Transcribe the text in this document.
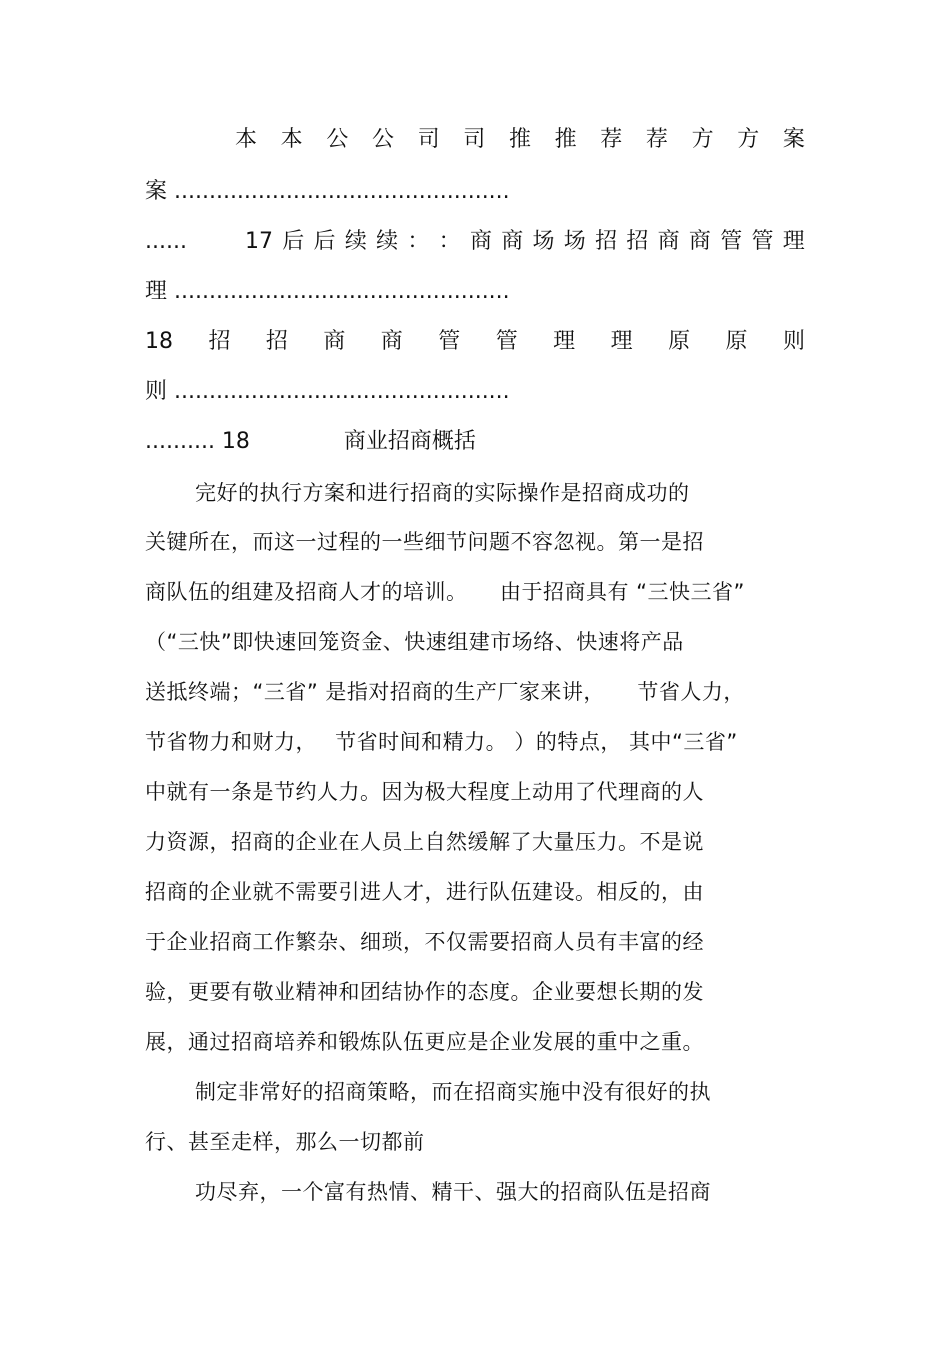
本 本 公 公 司 司 推 推 荐 荐 方 方 案
案 ................................................
......	17 后 后 续 续 ： ： 商 商 场 场 招 招 商 商 管 管 理
理 ................................................
18 招 招 商 商 管 管 理 理 原 原 则
则 ................................................
.......... 18	商业招商概括
完好的执行方案和进行招商的实际操作是招商成功的
关键所在，而这一过程的一些细节问题不容忽视。第一是招
商队伍的组建及招商人才的培训。　　由于招商具有 “三快三省”
（“三快”即快速回笼资金、快速组建市场络、快速将产品
送抵终端；“三省” 是指对招商的生产厂家来讲，　　节省人力，
节省物力和财力，　 节省时间和精力。 ）的特点， 其中“三省”
中就有一条是节约人力。因为极大程度上动用了代理商的人
力资源，招商的企业在人员上自然缓解了大量压力。不是说
招商的企业就不需要引进人才，进行队伍建设。相反的，由
于企业招商工作繁杂、细琐，不仅需要招商人员有丰富的经
验，更要有敬业精神和团结协作的态度。企业要想长期的发
展，通过招商培养和锻炼队伍更应是企业发展的重中之重。
制定非常好的招商策略，而在招商实施中没有很好的执
行、甚至走样，那么一切都前
功尽弃，一个富有热情、精干、强大的招商队伍是招商
